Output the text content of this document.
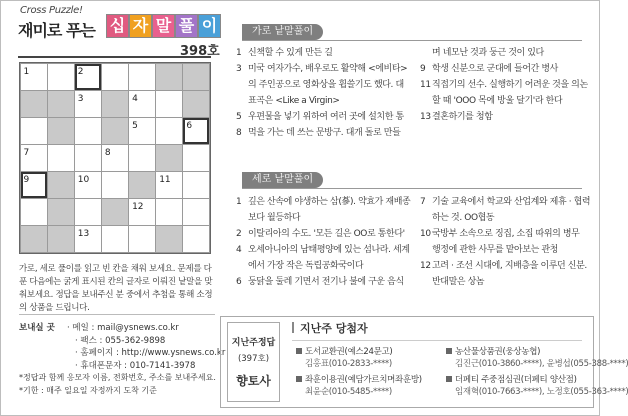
Cross Puzzle!
재미로 푸는 십 자 말 풀 이
398호
1	2
3	4
5	6
7	8
9	10	11
12
13
가로, 세로 풀이를 읽고 빈 칸을 채워 보세요. 문제를 다 푼 다음에는 굵게 표시된 칸의 글자로 이뤄진 낱말을 맞춰보세요. 정답을 보내주신 분 중에서 추첨을 통해 소정의 상품을 드립니다.
보내실 곳 · 메일 : mail@ysnews.co.kr
· 팩스 : 055-362-9898
· 홈페이지 : http://www.ysnews.co.kr
· 휴대폰문자 : 010-7141-3978
*정답과 함께 응모자 이름, 전화번호, 주소를 보내주세요.
*기한 : 매주 일요일 자정까지 도착 기준
가로 낱말풀이
1 신책할 수 있게 만든 길
3 미국 여자가수, 배우로도 활약해 <에비타>
의 주인공으로 영화상을 휩쓸기도 했다. 대
표곡은 <Like a Virgin>
5 우편물을 넣기 위하여 여러 곳에 설치한 통
8 먹을 가는 데 쓰는 문방구. 대개 돌로 만들
며 네모난 것과 둥근 것이 있다
9 학생 신분으로 군대에 들어간 병사
11직접기의 선수. 실행하기 어려운 것을 의논
할 때 'OOO 목에 방울 달기'라 한다
13결혼하기를 청함
세로 낱말풀이
1 깊은 산속에 야생하는 삼(蔘). 약효가 재배종
보다 월등하다
2 이탈리아의 수도. '모든 길은 OO로 통한다'
4 오세아니아의 남태평양에 있는 섬나라. 세계
에서 가장 작은 독립공화국이다
6 둥닭을 둘레 기면서 전기나 불에 구운 음식
7 기술 교육에서 학교와 산업계와 제휴 · 협력
하는 것. OO협동
10국방부 소속으로 징집, 소집 따위의 병무
행정에 관한 사무를 맡아보는 관청
12고려 · 조선 시대에, 지배층을 이루던 신분.
반대말은 상놈
지난주정답
(397호)
향토사
지난주 당첨자
도서교환권(예스24문고)
김홍표(010-2833-****)
농산물상품권(웅상농협)
김진근(010-3860-****), 윤병섭(055-388-****)
좌훈이용권(예담가르치며좌훈방)
최윤순(010-5485-****)
더페티 주중점심권(더페티 양산점)
임재혁(010-7663-****), 노정호(055-363-****)
